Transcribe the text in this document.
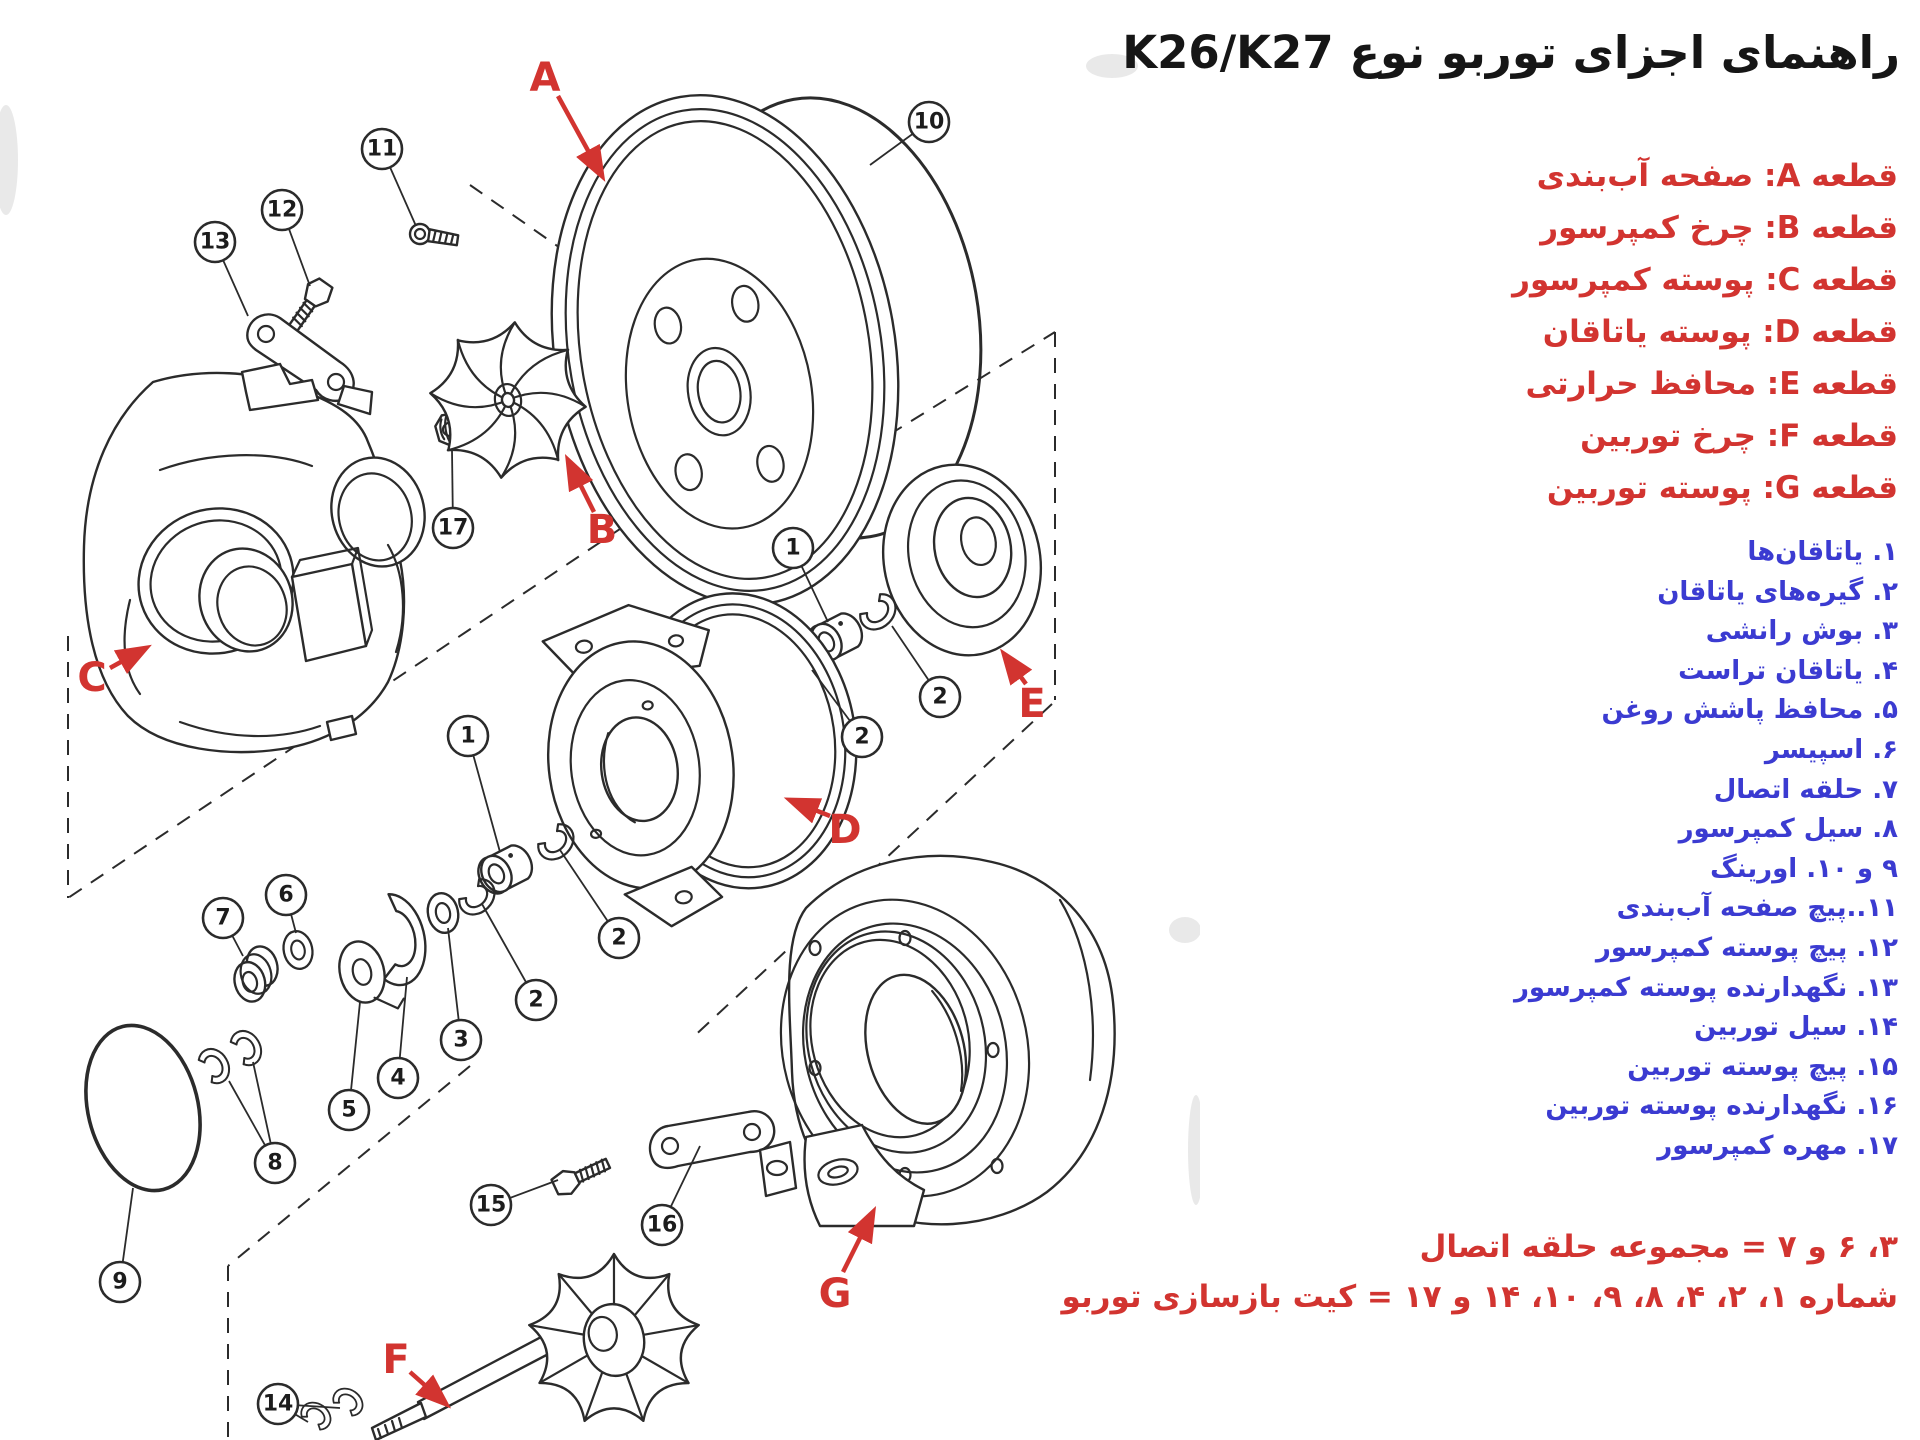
10
11
12
13
17
1
2
2
1
2
2
3
4
5
6
7
8
9
15
16
14
A
B
C
D
E
F
G
راهنمای اجزای توربو نوع K26/K27
قطعه A: صفحه آب‌بندی
قطعه B: چرخ کمپرسور
قطعه C: پوسته کمپرسور
قطعه D: پوسته یاتاقان
قطعه E: محافظ حرارتی
قطعه F: چرخ توربین
قطعه G: پوسته توربین
۱. یاتاقان‌ها
۲. گیره‌های یاتاقان
۳. بوش رانشی
۴. یاتاقان تراست
۵. محافظ پاشش روغن
۶. اسپیسر
۷. حلقه اتصال
۸. سیل کمپرسور
۹ و ۱۰. اورینگ
۱۱..پیچ صفحه آب‌بندی
۱۲. پیچ پوسته کمپرسور
۱۳. نگهدارنده پوسته کمپرسور
۱۴. سیل توربین
۱۵. پیچ پوسته توربین
۱۶. نگهدارنده پوسته توربین
۱۷. مهره کمپرسور
۳، ۶ و ۷ = مجموعه حلقه اتصال
شماره ۱، ۲، ۴، ۸، ۹، ۱۰، ۱۴ و ۱۷ = کیت بازسازی توربو
